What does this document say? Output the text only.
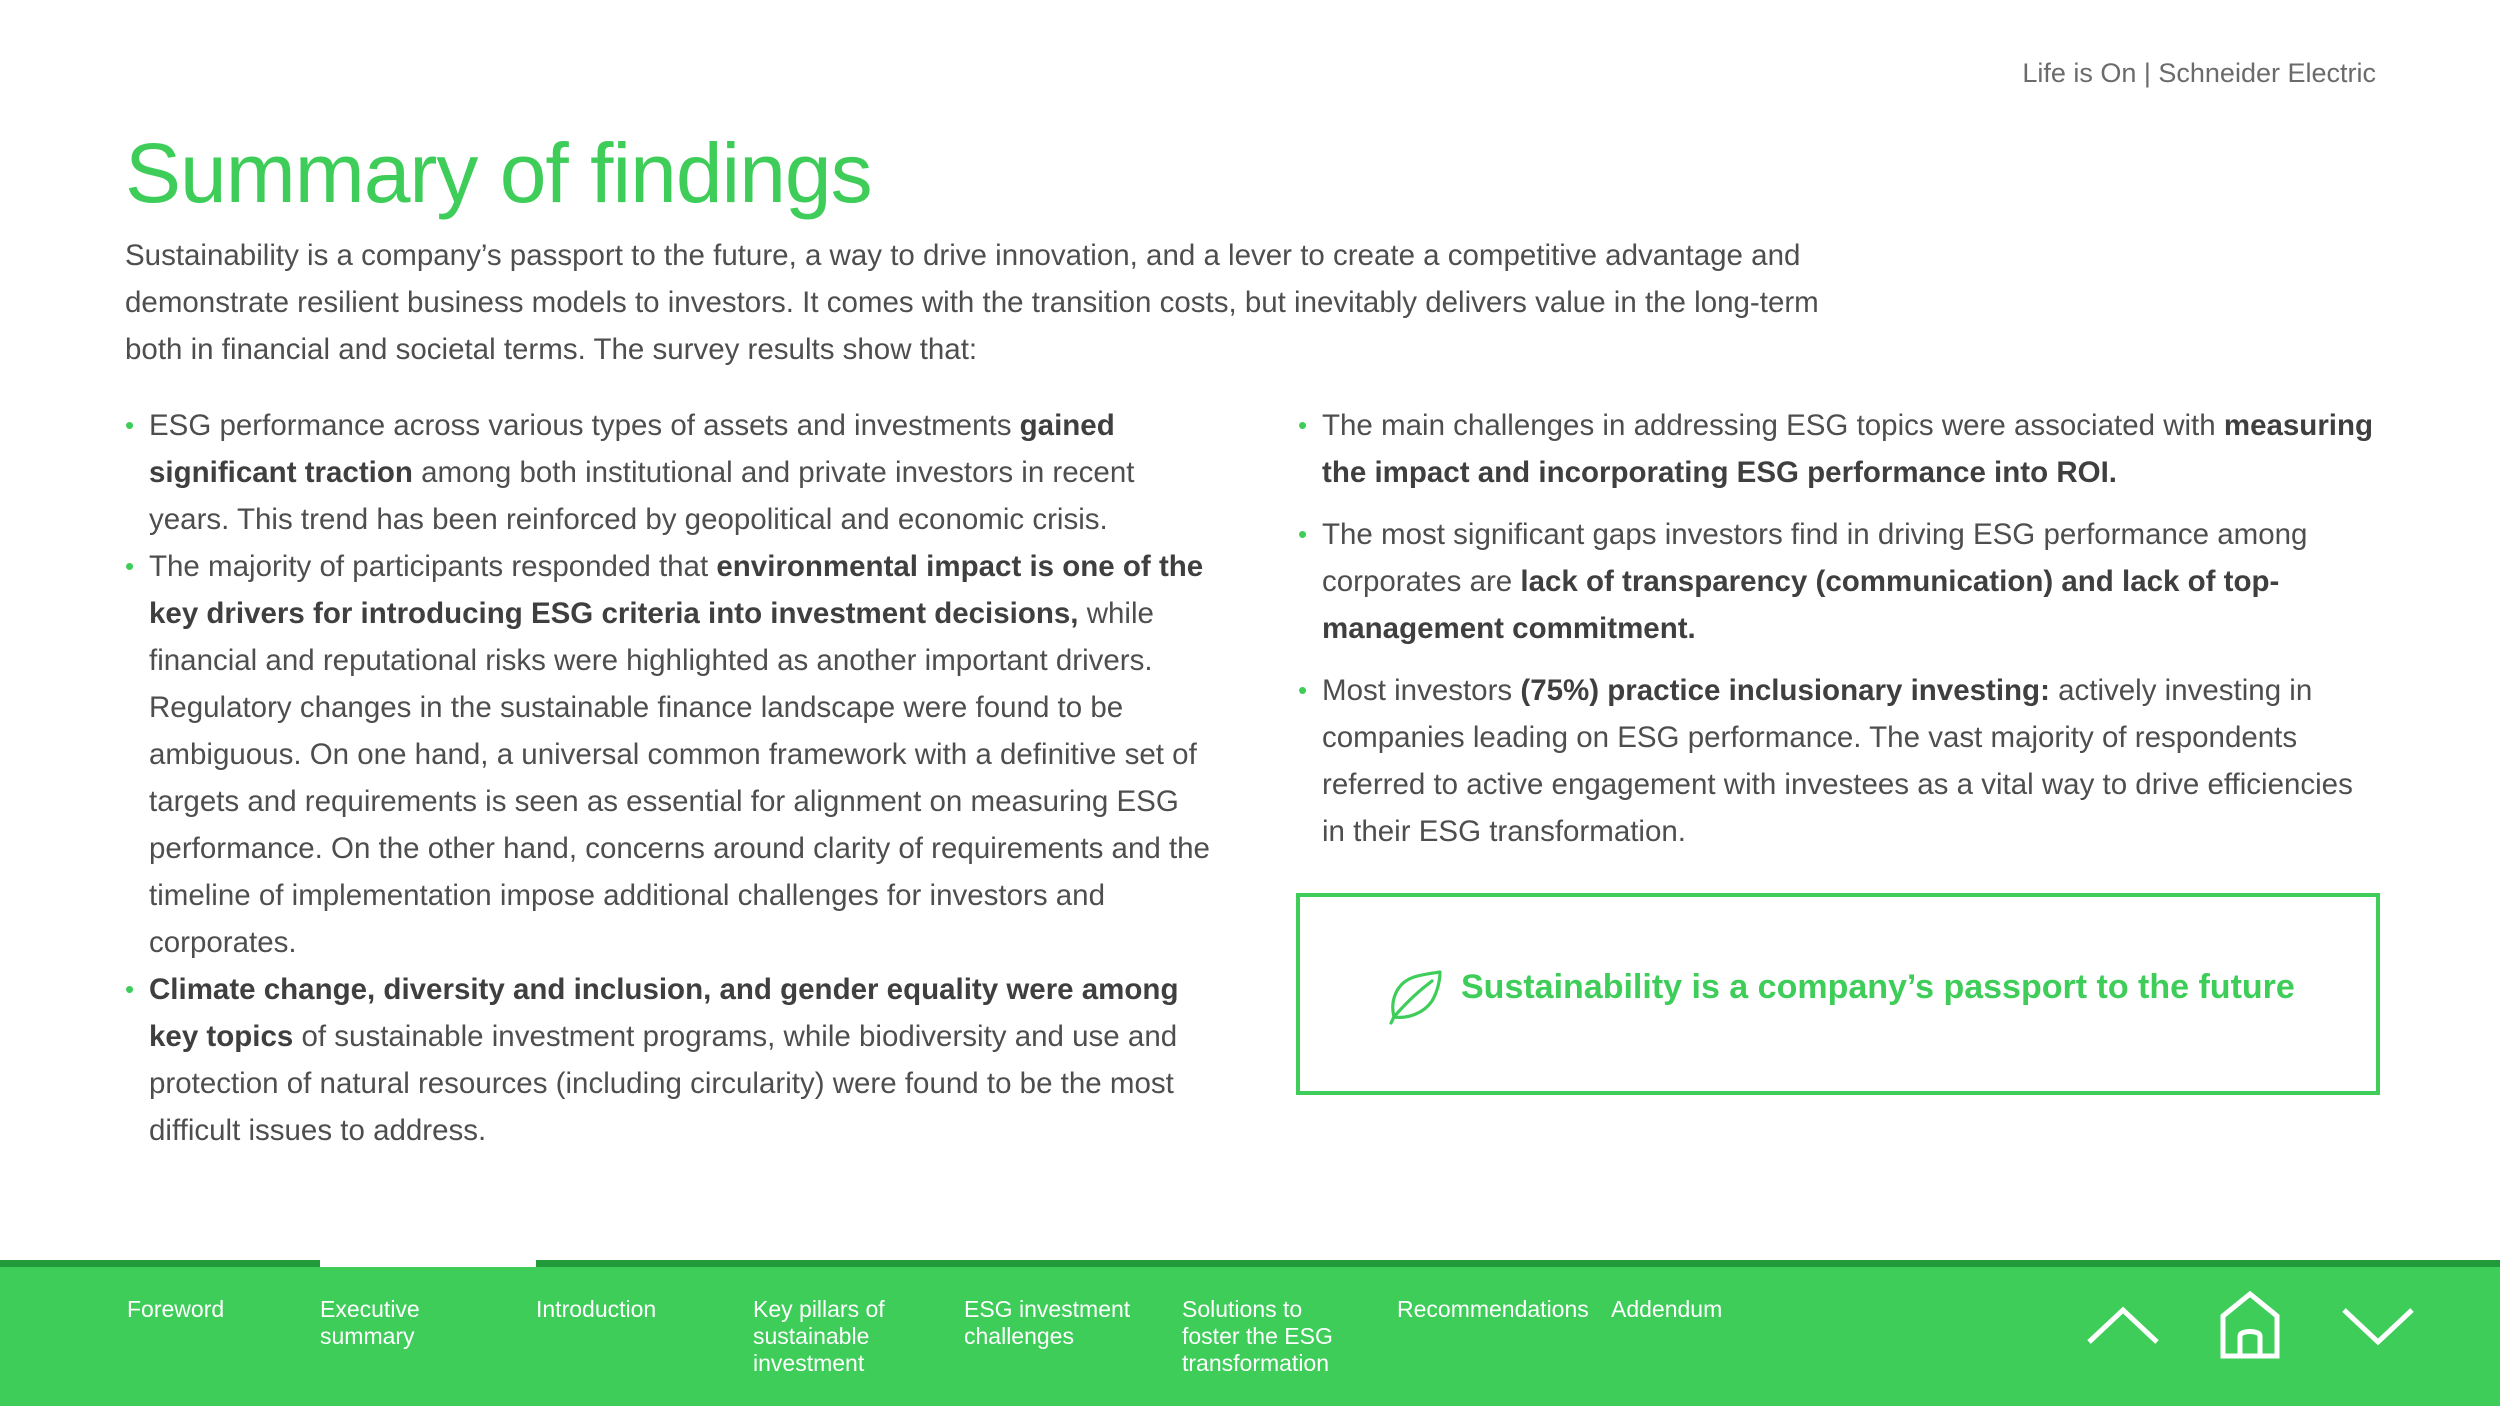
Life is On | Schneider Electric
Summary of findings

Sustainability is a company’s passport to the future, a way to drive innovation, and a lever to create a competitive advantage and demonstrate resilient business models to investors. It comes with the transition costs, but inevitably delivers value in the long-term both in financial and societal terms. The survey results show that:

• ESG performance across various types of assets and investments gained significant traction among both institutional and private investors in recent years. This trend has been reinforced by geopolitical and economic crisis.
• The majority of participants responded that environmental impact is one of the key drivers for introducing ESG criteria into investment decisions, while financial and reputational risks were highlighted as another important drivers. Regulatory changes in the sustainable finance landscape were found to be ambiguous. On one hand, a universal common framework with a definitive set of targets and requirements is seen as essential for alignment on measuring ESG performance. On the other hand, concerns around clarity of requirements and the timeline of implementation impose additional challenges for investors and corporates.
• Climate change, diversity and inclusion, and gender equality were among key topics of sustainable investment programs, while biodiversity and use and protection of natural resources (including circularity) were found to be the most difficult issues to address.
• The main challenges in addressing ESG topics were associated with measuring the impact and incorporating ESG performance into ROI.
• The most significant gaps investors find in driving ESG performance among corporates are lack of transparency (communication) and lack of top-management commitment.
• Most investors (75%) practice inclusionary investing: actively investing in companies leading on ESG performance. The vast majority of respondents referred to active engagement with investees as a vital way to drive efficiencies in their ESG transformation.
Sustainability is a company’s passport to the future
Foreword	Executive summary
Introduction	Key pillars of sustainable investment
ESG investment challenges
Solutions to foster the ESG transformation
Recommendations Addendum
